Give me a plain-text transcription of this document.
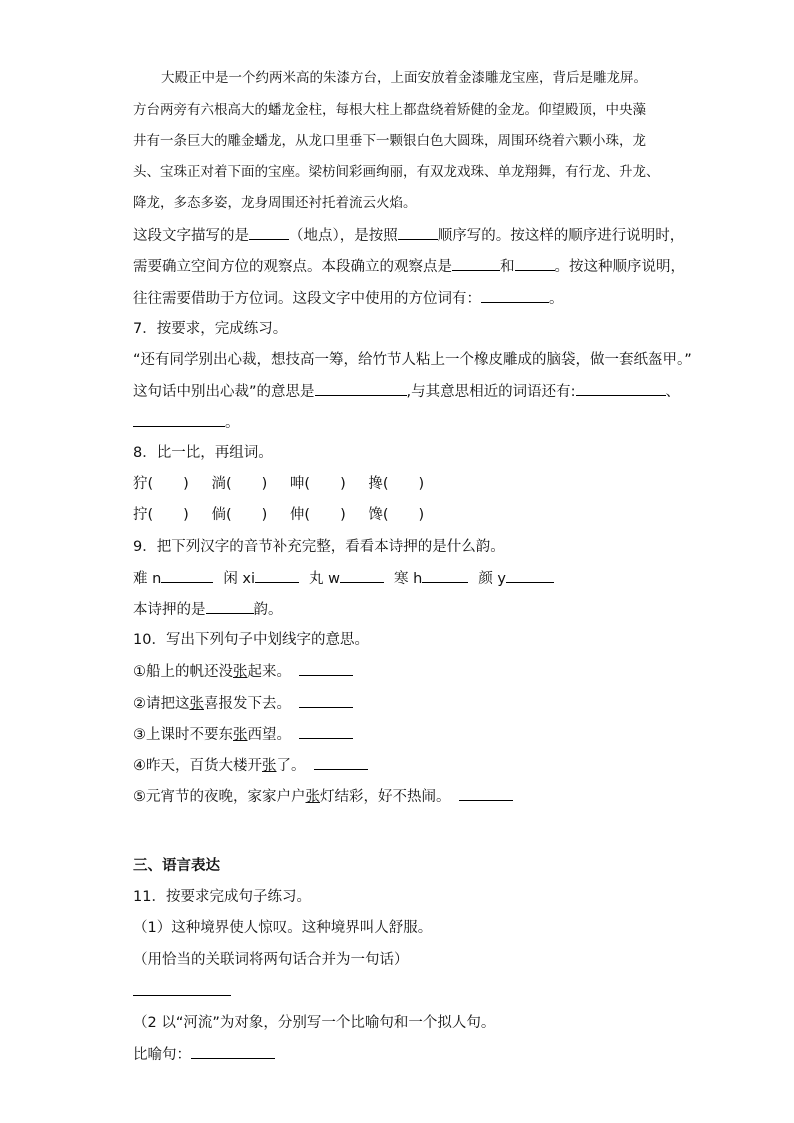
大殿正中是一个约两米高的朱漆方台，上面安放着金漆雕龙宝座，背后是雕龙屏。
方台两旁有六根高大的蟠龙金柱，每根大柱上都盘绕着矫健的金龙。仰望殿顶，中央藻
井有一条巨大的雕金蟠龙，从龙口里垂下一颗银白色大圆珠，周围环绕着六颗小珠，龙
头、宝珠正对着下面的宝座。梁枋间彩画绚丽，有双龙戏珠、单龙翔舞，有行龙、升龙、
降龙，多态多姿，龙身周围还衬托着流云火焰。
这段文字描写的是	（地点），是按照	顺序写的。按这样的顺序进行说明时，
需要确立空间方位的观察点。本段确立的观察点是	和	。按这种顺序说明，
往往需要借助于方位词。这段文字中使用的方位词有：	。
7．按要求，完成练习。
“还有同学别出心裁，想技高一筹，给竹节人粘上一个橡皮雕成的脑袋，做一套纸盔甲。”
这句话中别出心裁”的意思是	,与其意思相近的词语还有:	、
。
8．比一比，再组词。
狞( ) 淌( ) 呻( ) 搀( )
拧( ) 倘( ) 伸( ) 馋( )
9．把下列汉字的音节补充完整，看看本诗押的是什么韵。
难 n	闲 xi	丸 w	寒 h	颜 y
本诗押的是	韵。
10．写出下列句子中划线字的意思。
①船上的帆还没张起来。
②请把这张喜报发下去。
③上课时不要东张西望。
④昨天，百货大楼开张了。
⑤元宵节的夜晚，家家户户张灯结彩，好不热闹。
三、语言表达
11．按要求完成句子练习。
（1）这种境界使人惊叹。这种境界叫人舒服。
（用恰当的关联词将两句话合并为一句话）
（2 以“河流”为对象，分别写一个比喻句和一个拟人句。
比喻句：
